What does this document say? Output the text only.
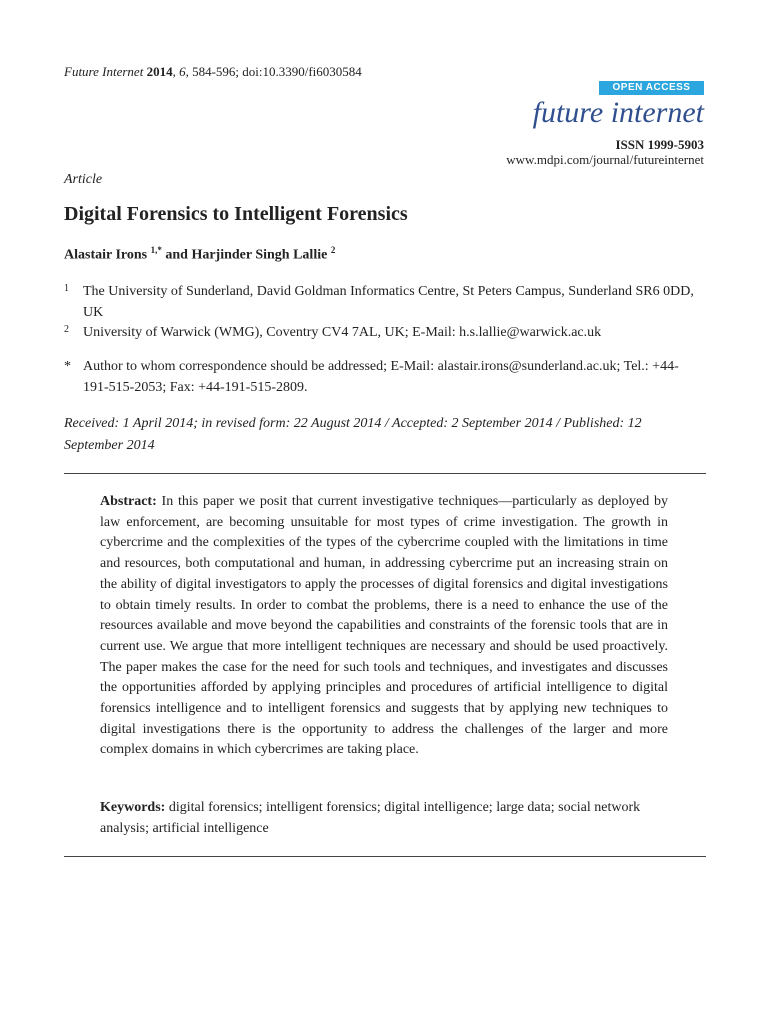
Future Internet 2014, 6, 584-596; doi:10.3390/fi6030584
OPEN ACCESS
future internet
ISSN 1999-5903
www.mdpi.com/journal/futureinternet
Article
Digital Forensics to Intelligent Forensics
Alastair Irons $^{1,*}$ and Harjinder Singh Lallie $^2$
1 The University of Sunderland, David Goldman Informatics Centre, St Peters Campus, Sunderland SR6 0DD, UK
2 University of Warwick (WMG), Coventry CV4 7AL, UK; E-Mail: h.s.lallie@warwick.ac.uk
* Author to whom correspondence should be addressed; E-Mail: alastair.irons@sunderland.ac.uk; Tel.: +44-191-515-2053; Fax: +44-191-515-2809.
Received: 1 April 2014; in revised form: 22 August 2014 / Accepted: 2 September 2014 / Published: 12 September 2014
Abstract: In this paper we posit that current investigative techniques—particularly as deployed by law enforcement, are becoming unsuitable for most types of crime investigation. The growth in cybercrime and the complexities of the types of the cybercrime coupled with the limitations in time and resources, both computational and human, in addressing cybercrime put an increasing strain on the ability of digital investigators to apply the processes of digital forensics and digital investigations to obtain timely results. In order to combat the problems, there is a need to enhance the use of the resources available and move beyond the capabilities and constraints of the forensic tools that are in current use. We argue that more intelligent techniques are necessary and should be used proactively. The paper makes the case for the need for such tools and techniques, and investigates and discusses the opportunities afforded by applying principles and procedures of artificial intelligence to digital forensics intelligence and to intelligent forensics and suggests that by applying new techniques to digital investigations there is the opportunity to address the challenges of the larger and more complex domains in which cybercrimes are taking place.
Keywords: digital forensics; intelligent forensics; digital intelligence; large data; social network analysis; artificial intelligence
